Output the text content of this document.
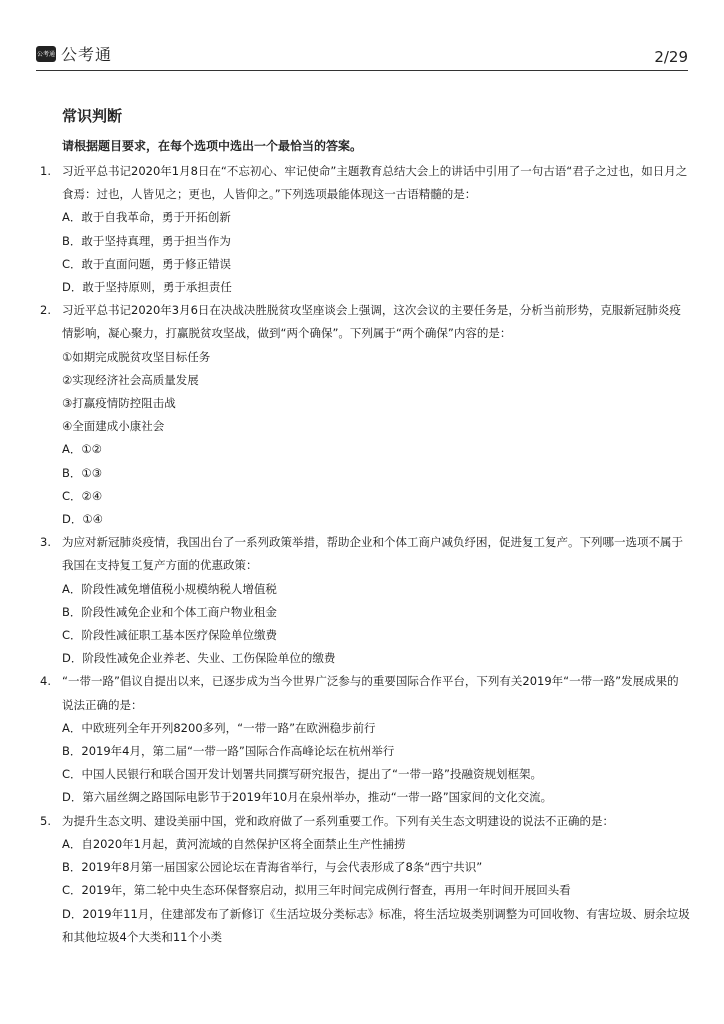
公考通 公考通	2/29
常识判断
请根据题目要求，在每个选项中选出一个最恰当的答案。
1. 习近平总书记2020年1月8日在“不忘初心、牢记使命”主题教育总结大会上的讲话中引用了一句古语“君子之过也，如日月之食焉：过也，人皆见之；更也，人皆仰之。”下列选项最能体现这一古语精髓的是：

A．敢于自我革命，勇于开拓创新
B．敢于坚持真理，勇于担当作为
C．敢于直面问题，勇于修正错误
D．敢于坚持原则，勇于承担责任
2. 习近平总书记2020年3月6日在决战决胜脱贫攻坚座谈会上强调，这次会议的主要任务是，分析当前形势，克服新冠肺炎疫情影响，凝心聚力，打赢脱贫攻坚战，做到“两个确保”。下列属于“两个确保”内容的是：

①如期完成脱贫攻坚目标任务
②实现经济社会高质量发展
③打赢疫情防控阻击战
④全面建成小康社会
A．①②
B．①③
C．②④
D．①④
3. 为应对新冠肺炎疫情，我国出台了一系列政策举措，帮助企业和个体工商户减负纾困，促进复工复产。下列哪一选项不属于我国在支持复工复产方面的优惠政策：

A．阶段性减免增值税小规模纳税人增值税
B．阶段性减免企业和个体工商户物业租金
C．阶段性减征职工基本医疗保险单位缴费
D．阶段性减免企业养老、失业、工伤保险单位的缴费
4. “一带一路”倡议自提出以来，已逐步成为当今世界广泛参与的重要国际合作平台，下列有关2019年“一带一路”发展成果的说法正确的是：

A．中欧班列全年开列8200多列，“一带一路”在欧洲稳步前行
B．2019年4月，第二届“一带一路”国际合作高峰论坛在杭州举行
C．中国人民银行和联合国开发计划署共同撰写研究报告，提出了“一带一路”投融资规划框架。
D．第六届丝绸之路国际电影节于2019年10月在泉州举办，推动“一带一路”国家间的文化交流。
5. 为提升生态文明、建设美丽中国，党和政府做了一系列重要工作。下列有关生态文明建设的说法不正确的是：

A．自2020年1月起，黄河流域的自然保护区将全面禁止生产性捕捞
B．2019年8月第一届国家公园论坛在青海省举行，与会代表形成了8条“西宁共识”
C．2019年，第二轮中央生态环保督察启动，拟用三年时间完成例行督查，再用一年时间开展回头看
D．2019年11月，住建部发布了新修订《生活垃圾分类标志》标准，将生活垃圾类别调整为可回收物、有害垃圾、厨余垃圾和其他垃圾4个大类和11个小类
